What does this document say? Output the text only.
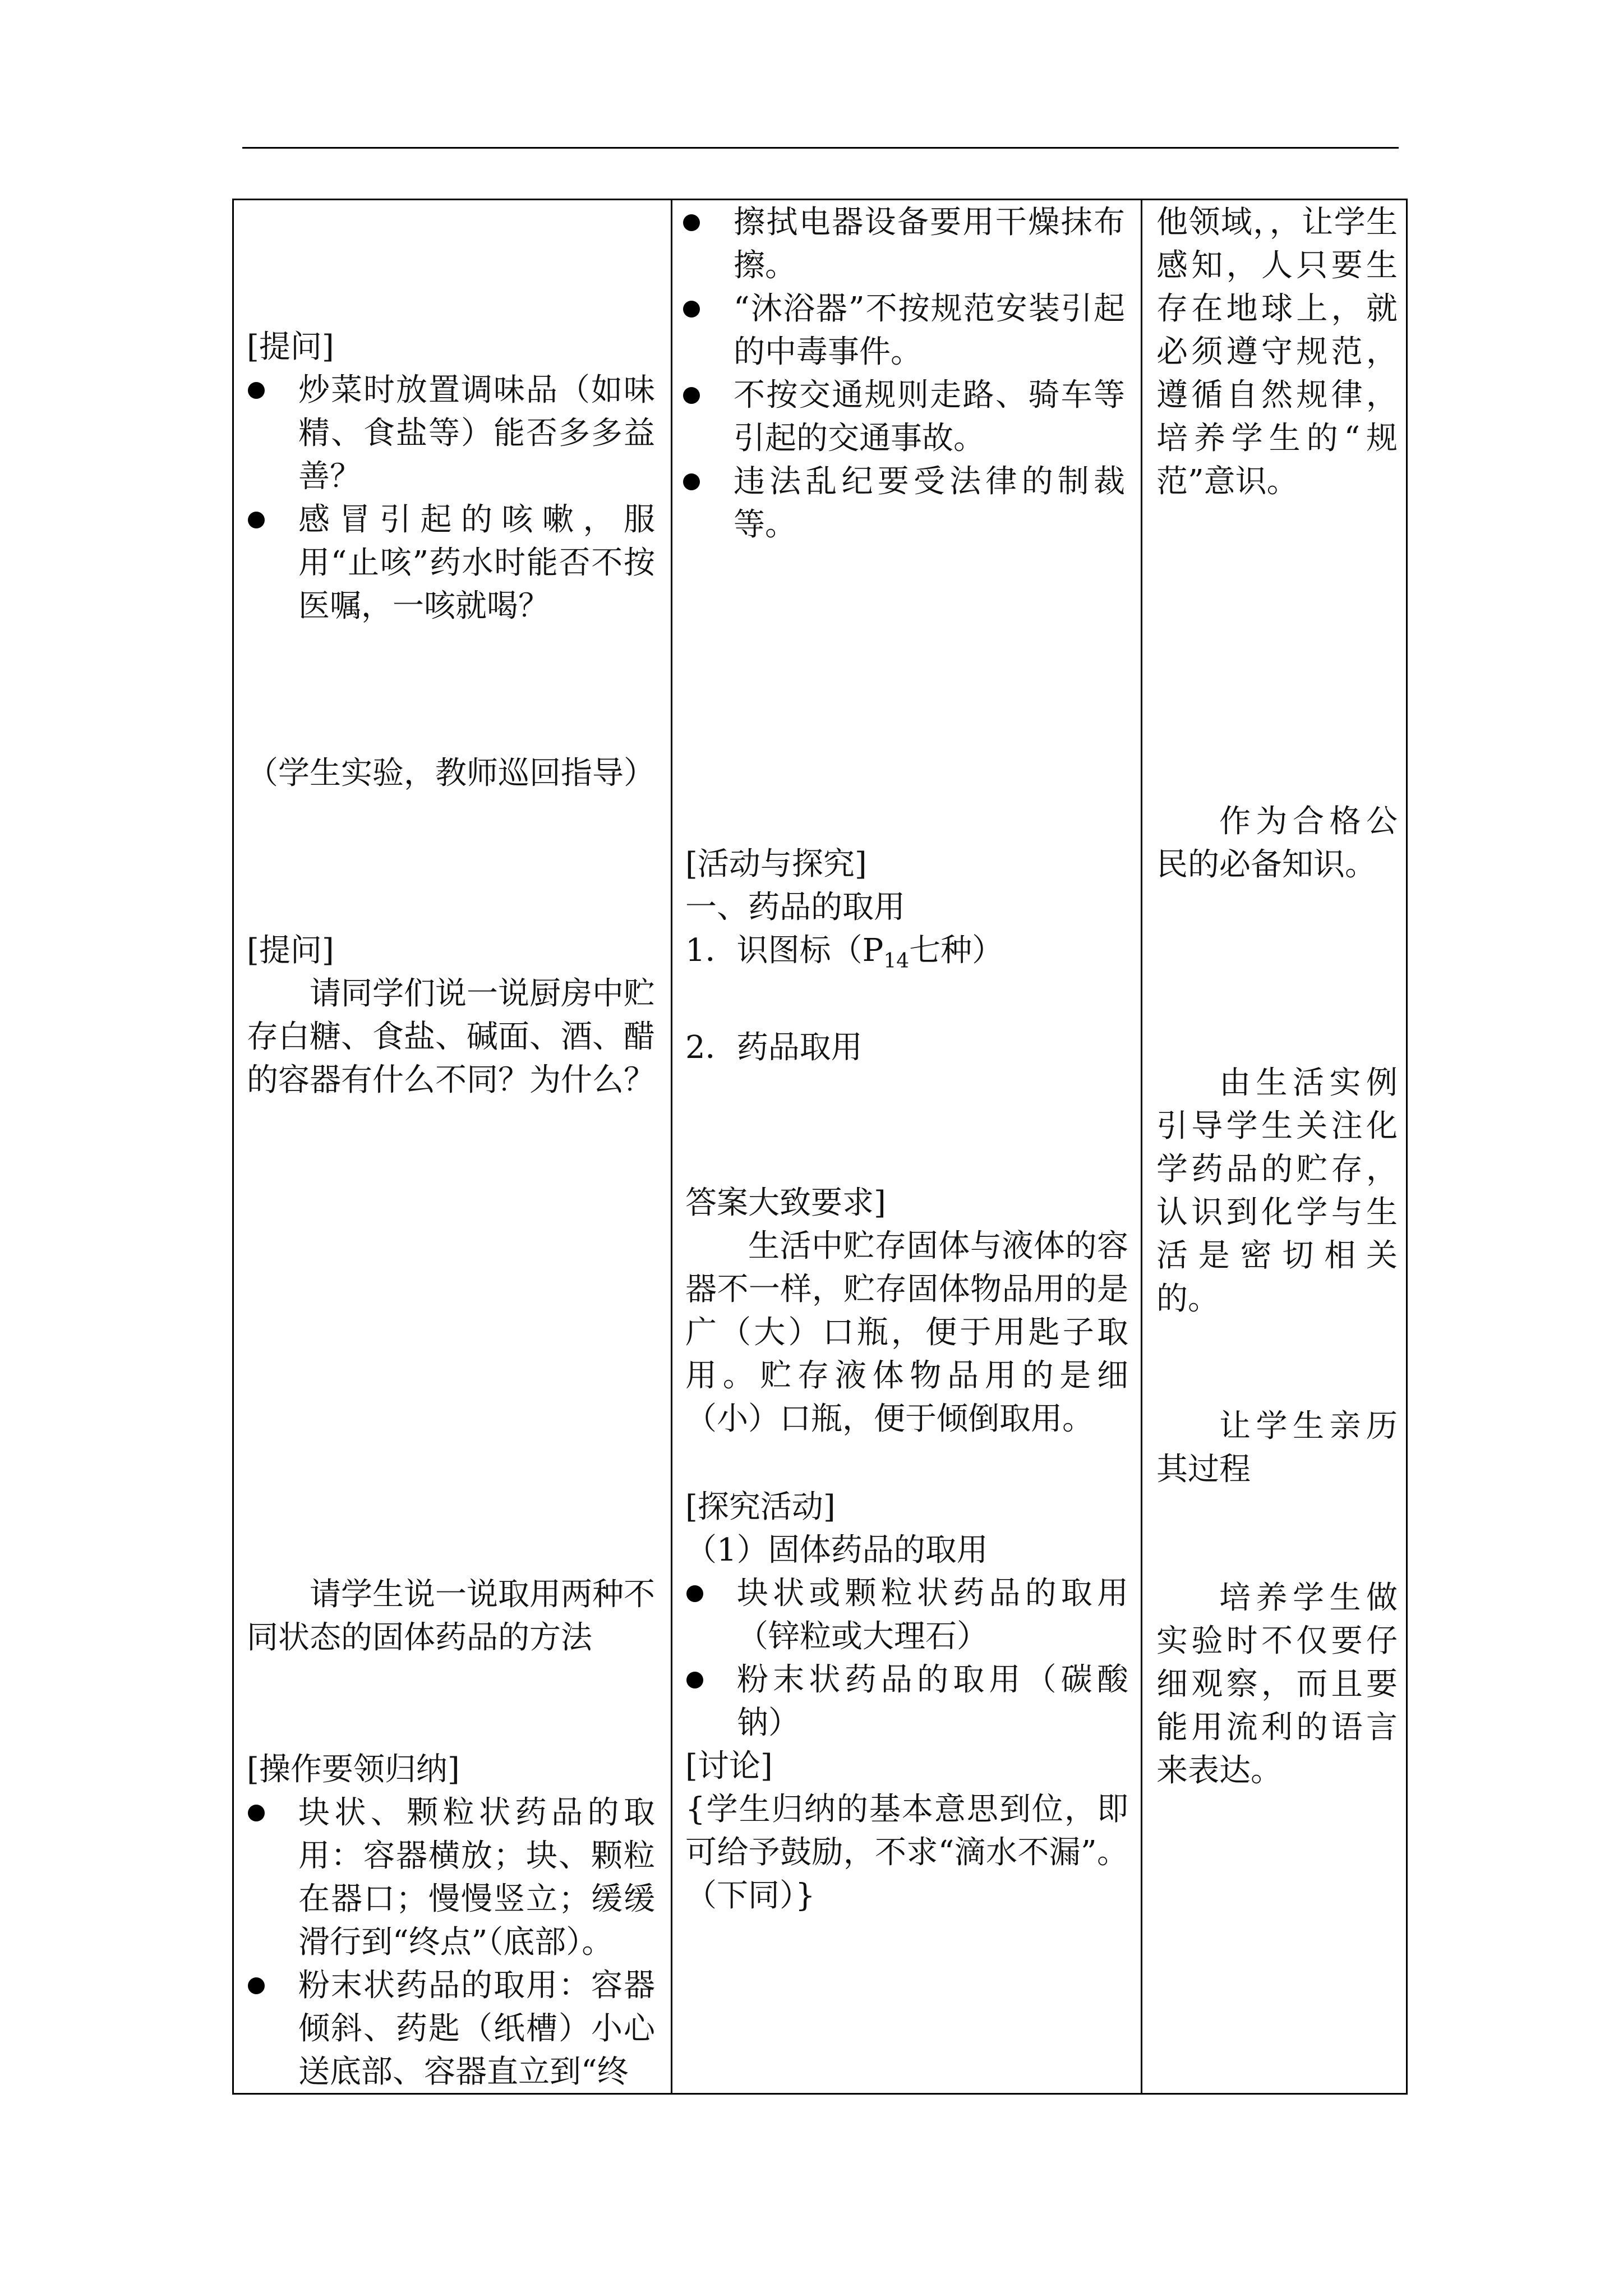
[提问]

炒菜时放置调味品（如味精、食盐等）能否多多益善？
感冒引起的咳嗽，服用“止咳”药水时能否不按医嘱，一咳就喝？

（学生实验，教师巡回指导）

[提问]

请同学们说一说厨房中贮存白糖、食盐、碱面、酒、醋的容器有什么不同？为什么？

请学生说一说取用两种不同状态的固体药品的方法

[操作要领归纳]

块状、颗粒状药品的取用：容器横放；块、颗粒在器口；慢慢竖立；缓缓滑行到“终点”（底部）。
粉末状药品的取用：容器倾斜、药匙（纸槽）小心送底部、容器直立到“终
擦拭电器设备要用干燥抹布擦。
“沐浴器”不按规范安装引起的中毒事件。
不按交通规则走路、骑车等引起的交通事故。
违法乱纪要受法律的制裁等。

[活动与探究]

一、药品的取用

1．识图标（$P_{14}$七种）

2．药品取用

答案大致要求]

生活中贮存固体与液体的容器不一样，贮存固体物品用的是广（大）口瓶，便于用匙子取用。贮存液体物品用的是细（小）口瓶，便于倾倒取用。

[探究活动]

（1）固体药品的取用

块状或颗粒状药品的取用（锌粒或大理石）
粉末状药品的取用（碳酸钠）

[讨论]

{学生归纳的基本意思到位，即可给予鼓励，不求“滴水不漏”。（下同）}

他领域，，让学生感知，人只要生存在地球上，就必须遵守规范，遵循自然规律，培养学生的“规范”意识。

作为合格公民的必备知识。

由生活实例引导学生关注化学药品的贮存，认识到化学与生活是密切相关的。

让学生亲历其过程

培养学生做实验时不仅要仔细观察，而且要能用流利的语言来表达。
